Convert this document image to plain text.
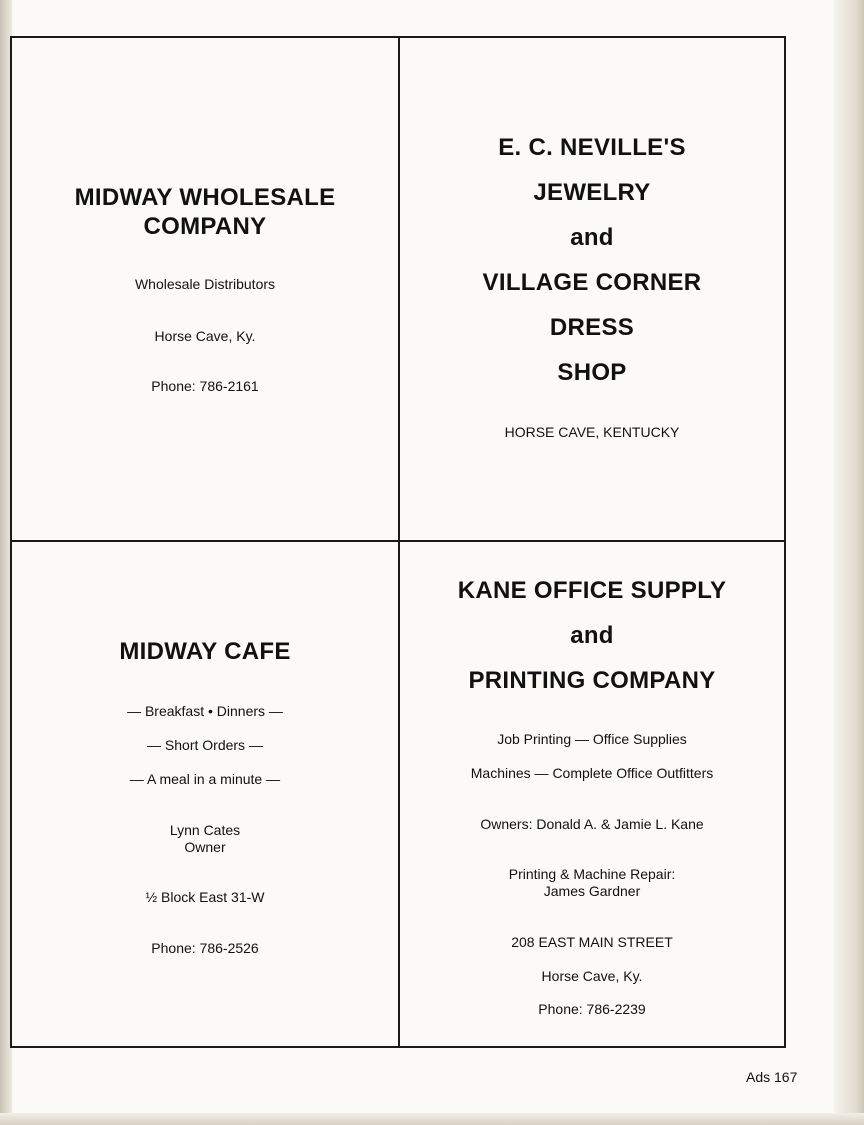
MIDWAY WHOLESALE
COMPANY
Wholesale Distributors
Horse Cave, Ky.
Phone: 786-2161
E. C. NEVILLE'S
JEWELRY
and
VILLAGE CORNER
DRESS
SHOP
HORSE CAVE, KENTUCKY
MIDWAY CAFE
— Breakfast • Dinners —
— Short Orders —
— A meal in a minute —
Lynn Cates
Owner
½ Block East 31-W
Phone: 786-2526
KANE OFFICE SUPPLY
and
PRINTING COMPANY
Job Printing — Office Supplies
Machines — Complete Office Outfitters
Owners: Donald A. & Jamie L. Kane
Printing & Machine Repair:
James Gardner
208 EAST MAIN STREET
Horse Cave, Ky.
Phone: 786-2239
Ads 167
